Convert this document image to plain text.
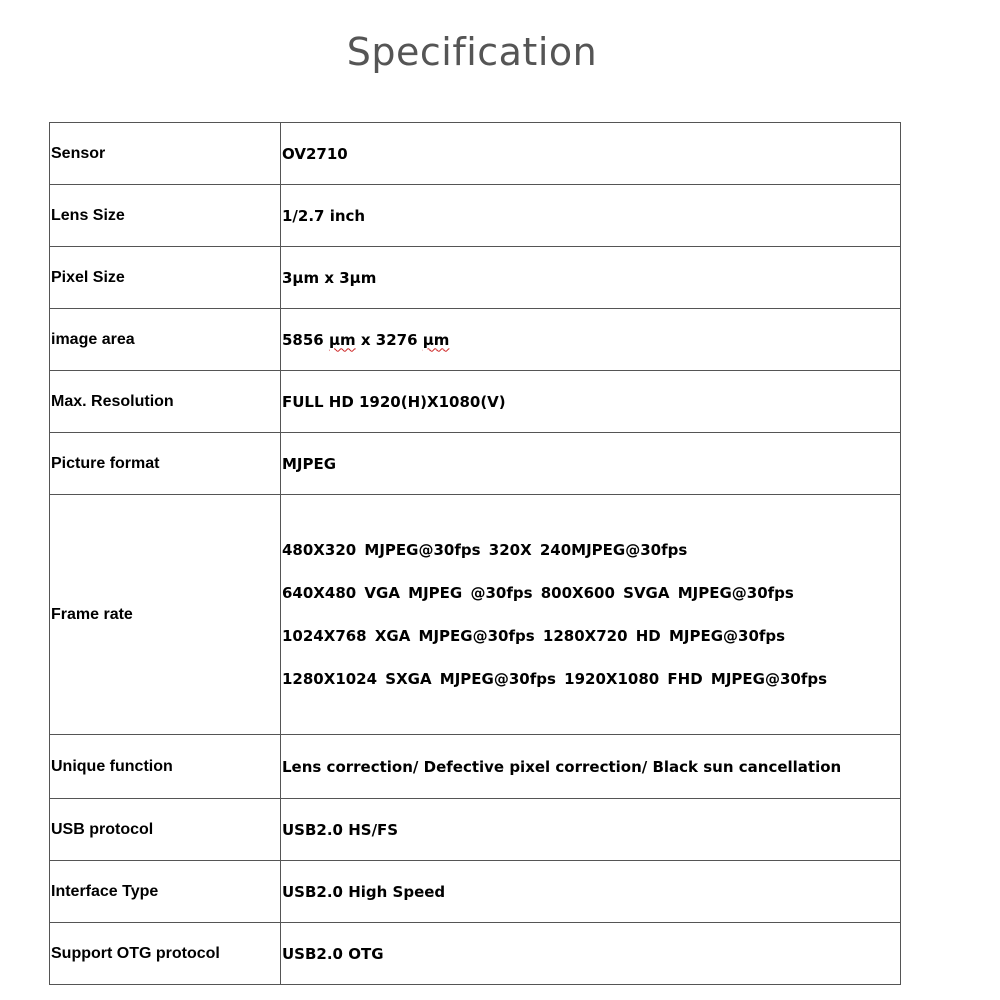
Specification
Sensor	OV2710
Lens Size	1/2.7 inch
Pixel Size	3μm x 3μm
image area	5856 μm x 3276 μm
Max. Resolution	FULL HD 1920(H)X1080(V)
Picture format	MJPEG
Frame rate	480X320 MJPEG@30fps 320X 240MJPEG@30fps
640X480 VGA MJPEG @30fps 800X600 SVGA MJPEG@30fps
1024X768 XGA MJPEG@30fps 1280X720 HD MJPEG@30fps
1280X1024 SXGA MJPEG@30fps 1920X1080 FHD MJPEG@30fps

Unique function	Lens correction/ Defective pixel correction/ Black sun cancellation
USB protocol	USB2.0 HS/FS
Interface Type	USB2.0 High Speed
Support OTG protocol	USB2.0 OTG
